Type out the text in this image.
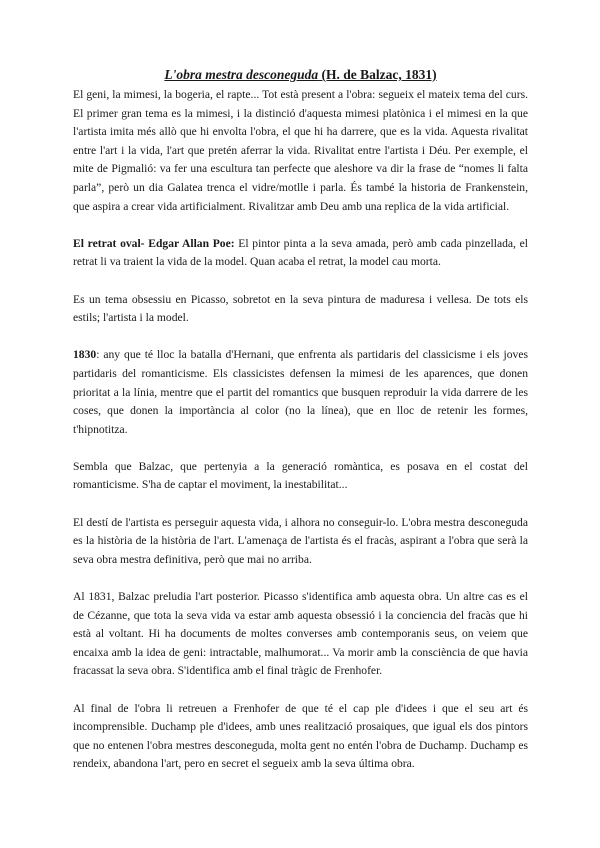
L'obra mestra desconeguda (H. de Balzac, 1831)

El geni, la mimesi, la bogeria, el rapte... Tot està present a l'obra: segueix el mateix tema del curs. El primer gran tema es la mimesi, i la distinció d'aquesta mimesi platònica i el mimesi en la que l'artista imita més allò que hi envolta l'obra, el que hi ha darrere, que es la vida. Aquesta rivalitat entre l'art i la vida, l'art que pretén aferrar la vida. Rivalitat entre l'artista i Déu. Per exemple, el mite de Pigmalió: va fer una escultura tan perfecte que aleshore va dir la frase de “nomes li falta parla”, però un dia Galatea trenca el vidre/motlle i parla. És també la historia de Frankenstein, que aspira a crear vida artificialment. Rivalitzar amb Deu amb una replica de la vida artificial.

El retrat oval- Edgar Allan Poe: El pintor pinta a la seva amada, però amb cada pinzellada, el retrat li va traient la vida de la model. Quan acaba el retrat, la model cau morta.

Es un tema obsessiu en Picasso, sobretot en la seva pintura de maduresa i vellesa. De tots els estils; l'artista i la model.

1830: any que té lloc la batalla d'Hernani, que enfrenta als partidaris del classicisme i els joves partidaris del romanticisme. Els classicistes defensen la mimesi de les aparences, que donen prioritat a la línia, mentre que el partit del romantics que busquen reproduir la vida darrere de les coses, que donen la importància al color (no la línea), que en lloc de retenir les formes, t'hipnotitza.

Sembla que Balzac, que pertenyia a la generació romàntica, es posava en el costat del romanticisme. S'ha de captar el moviment, la inestabilitat...

El destí de l'artista es perseguir aquesta vida, i alhora no conseguir-lo. L'obra mestra desconeguda es la història de la història de l'art. L'amenaça de l'artista és el fracàs, aspirant a l'obra que serà la seva obra mestra definitiva, però que mai no arriba.

Al 1831, Balzac preludia l'art posterior. Picasso s'identifica amb aquesta obra. Un altre cas es el de Cézanne, que tota la seva vida va estar amb aquesta obsessió i la conciencia del fracàs que hi està al voltant. Hi ha documents de moltes converses amb contemporanis seus, on veiem que encaixa amb la idea de geni: intractable, malhumorat... Va morir amb la consciència de que havia fracassat la seva obra. S'identifica amb el final tràgic de Frenhofer.

Al final de l'obra li retreuen a Frenhofer de que té el cap ple d'idees i que el seu art és incomprensible. Duchamp ple d'idees, amb unes realització prosaiques, que igual els dos pintors que no entenen l'obra mestres desconeguda, molta gent no entén l'obra de Duchamp. Duchamp es rendeix, abandona l'art, pero en secret el segueix amb la seva última obra.
